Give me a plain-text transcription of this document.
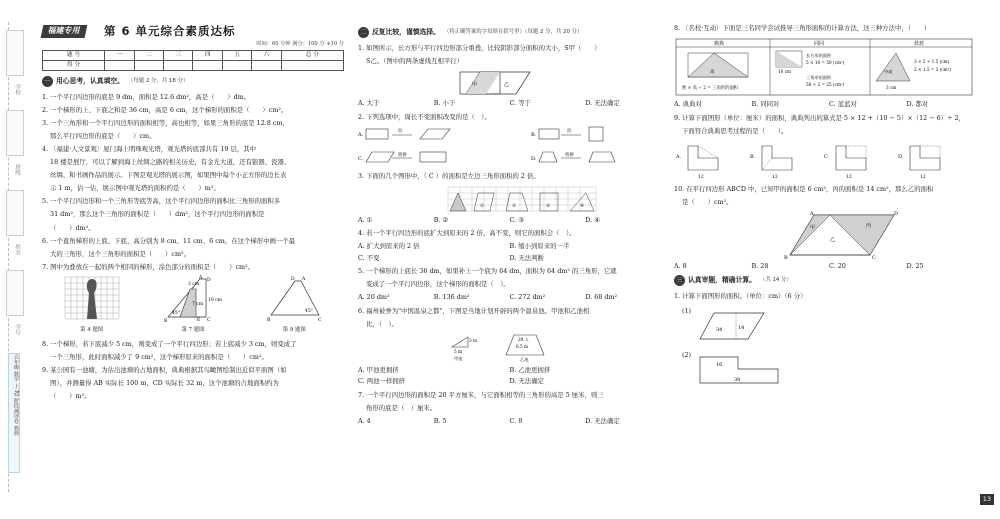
学校
班级
姓名
学号
五年级 数学 上 RJ 阶段测评卷 典典
福建专用	第 6 单元综合素质达标
时间：60 分钟 满分：100 分 +10 分
题 号	一	二	三	四	五	六	总 分
得 分							
一 用心思考，认真填空。 （每题 2 分，共 18 分）
1. 一个平行四边形的底是 9 dm，面积是 12.6 dm²，高是（　　）dm。
2. 一个梯形的上、下底之和是 36 cm，高是 6 cm，这个梯形的面积是（　　）cm²。
3. 一个三角形和一个平行四边形的面积相等，高也相等，如果三角形的底是 12.8 cm，
那么平行四边形的底是（　　）cm。
4. 〔福建·人文景观〕厦门海上明珠观光塔，观光塔的底部共有 19 层，其中
18 楼是展厅，可以了解到海上丝绸之路的相关历史，有金光大道，还有银器、瓷器、
丝绸、和书画作品的展示。下图是观光塔的展示图，如果图中每个小正方形的边长表
示 1 m，估一估，展示图中观光塔的面积约是（　　）m²。
5. 一个平行四边形和一个三角形等底等高，这个平行四边形的面积比三角形的面积多
31 dm²，那么这个三角形的面积是（　　）dm²，这个平行四边形的面积是
（　　）dm²。
6. 一个直角梯形的上底、下底、高分别为 8 cm、11 cm、6 cm，在这个梯形中画一个最
大的三角形，这个三角形的面积是（　　）cm²。
7. 图中为叠放在一起的两个相同的梯形，涂色部分的面积是（　　）cm²。
第 4 题图
3 cm
A D
B	C
10 cm
45°
7 cm
E
第 7 题图
D A
B	C
45°
第 9 题图
8. 一个梯形，若下底减少 5 cm，则变成了一个平行四边形；若上底减少 3 cm，则变成了
一个三角形，此时面积减少了 9 cm²，这个梯形原来的面积是（　　）cm²。
9. 某公园有一池塘，为估出池塘的占地面积，典典根据其鸟瞰图绘制出近似平面图（如
图），并测量得 AB 实际长 100 m，CD 实际长 32 m，这个池塘的占地面积约为
（　　）m²。
二 反复比较，谨慎选择。 （将正确答案的字母填在括号里）（每题 2 分，共 20 分）
1. 如图所示，长方形与平行四边形部分重叠，比较阴影部分面积的大小，S甲（　　）
S乙。（图中的两条虚线互相平行）
甲	乙
A. 大于	B. 小于	C. 等于	D. 无法确定
2. 下列选项中，周长不变面积改变的是（　）。
A.
拉
C.
剪拼
B.
拉
D.
剪拼
3. 下面的几个图形中，（ C ）的面积是左边三角形面积的 2 倍。
①	②	③	④
A. ①	B. ②	C. ③	D. ④
4. 若一个平行四边形的底扩大到原来的 2 倍，高不变，则它的面积会（　）。
A. 扩大到原来的 2 倍	B. 缩小到原来的一半
C. 不变	D. 无法判断
5. 一个梯形的上底长 36 dm，如果补上一个底为 64 dm，面积为 64 dm² 的三角形，它就
变成了一个平行四边形，这个梯形的面积是（　）。
A. 20 dm²	B. 136 dm²	C. 272 dm²	D. 68 dm²
6. 福州被誉为"中国温泉之都"，下图是当地计划开辟的两个温泉池。甲池和乙池相
比，（　）。
3 m
5 m
甲池
20 人
6.5 m
乙池
A. 甲池更拥挤	B. 乙池更拥挤
C. 两池一样拥挤	D. 无法确定
7. 一个平行四边形的面积是 20 平方厘米，与它面积相等的三角形的高是 5 厘米，则三
角形的底是（　）厘米。
A. 4	B. 5	C. 8	D. 无法确定
8. 〔名校·互动〕下面是三名同学尝试推导三角形面积的计算方法，这三种方法中，（　　）
典典	同同	蓝蓝
高
底 × 高 ÷ 2 = 三角形的面积
10 cm
长方形的面积
5 × 10 = 50 (cm²)
三角形的面积
50 ÷ 2 = 25 (cm²)
中高
3 cm
3 × 2 ÷ 1.5 (cm)
2 × 1.5 = 3 (cm²)
A. 典典对	B. 同同对	C. 蓝蓝对	D. 都对
9. 计算下面图形（单位：厘米）的面积，典典列出的算式是 5 × 12 +（10 − 5）×（12 − 6）÷ 2，
下面符合典典思考过程的是（　　）。
A.	B.	C.	D.
12	12	12	12
10. 在平行四边形 ABCD 中，已知甲的面积是 6 cm²，丙的面积是 14 cm²，那么乙的面积
是（　　）cm²。
A	D
B	C
甲
乙
丙
A. 8	B. 28	C. 20	D. 25
三 认真审题，精确计算。 （共 14 分）
1. 计算下面图形的面积。（单位：cm）（6 分）
(1)
34	14
(2)
16
38
13
